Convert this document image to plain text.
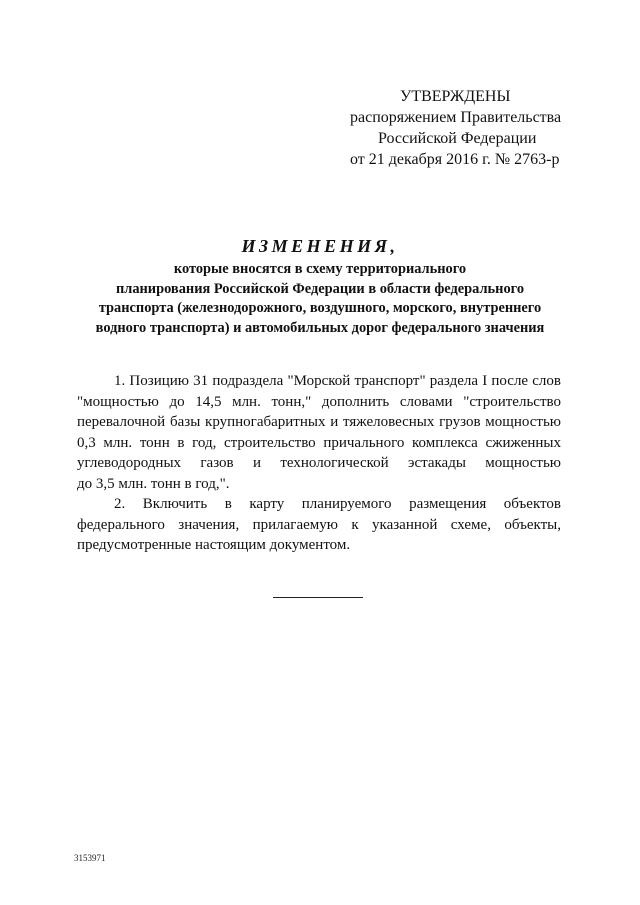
УТВЕРЖДЕНЫ
распоряжением Правительства
Российской Федерации
от 21 декабря 2016 г. № 2763-р
ИЗМЕНЕНИЯ,
которые вносятся в схему территориального
планирования Российской Федерации в области федерального
транспорта (железнодорожного, воздушного, морского, внутреннего
водного транспорта) и автомобильных дорог федерального значения
1. Позицию 31 подраздела "Морской транспорт" раздела I после слов
"мощностью до 14,5 млн. тонн," дополнить словами "строительство
перевалочной базы крупногабаритных и тяжеловесных грузов мощностью
0,3 млн. тонн в год, строительство причального комплекса сжиженных
углеводородных газов и технологической эстакады мощностью
до 3,5 млн. тонн в год,".
2. Включить в карту планируемого размещения объектов
федерального значения, прилагаемую к указанной схеме, объекты,
предусмотренные настоящим документом.
3153971
